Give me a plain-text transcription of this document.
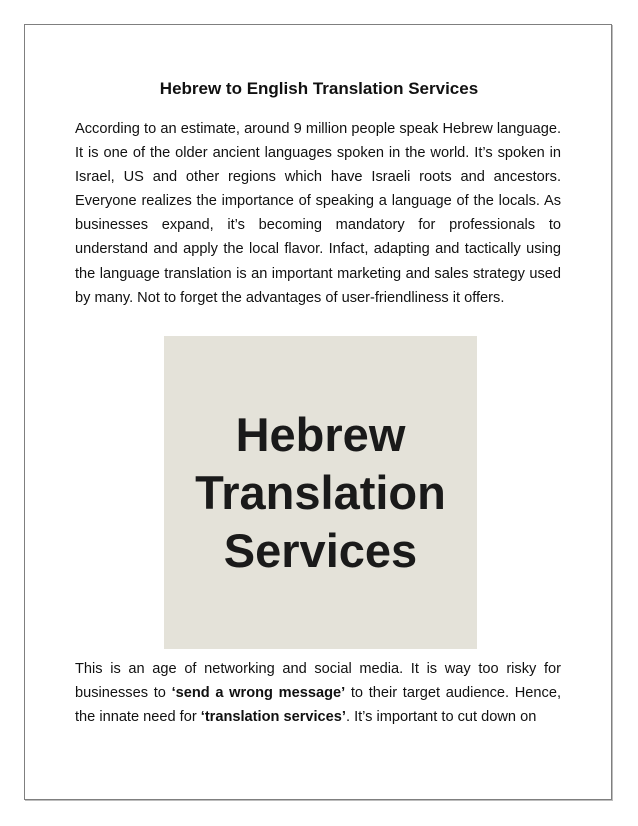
Hebrew to English Translation Services

According to an estimate, around 9 million people speak Hebrew language. It is one of the older ancient languages spoken in the world. It’s spoken in Israel, US and other regions which have Israeli roots and ancestors. Everyone realizes the importance of speaking a language of the locals. As businesses expand, it’s becoming mandatory for professionals to understand and apply the local flavor. Infact, adapting and tactically using the language translation is an important marketing and sales strategy used by many. Not to forget the advantages of user-friendliness it offers.

Hebrew
Translation
Services

This is an age of networking and social media. It is way too risky for businesses to ‘send a wrong message’ to their target audience. Hence, the innate need for ‘translation services’. It’s important to cut down on
